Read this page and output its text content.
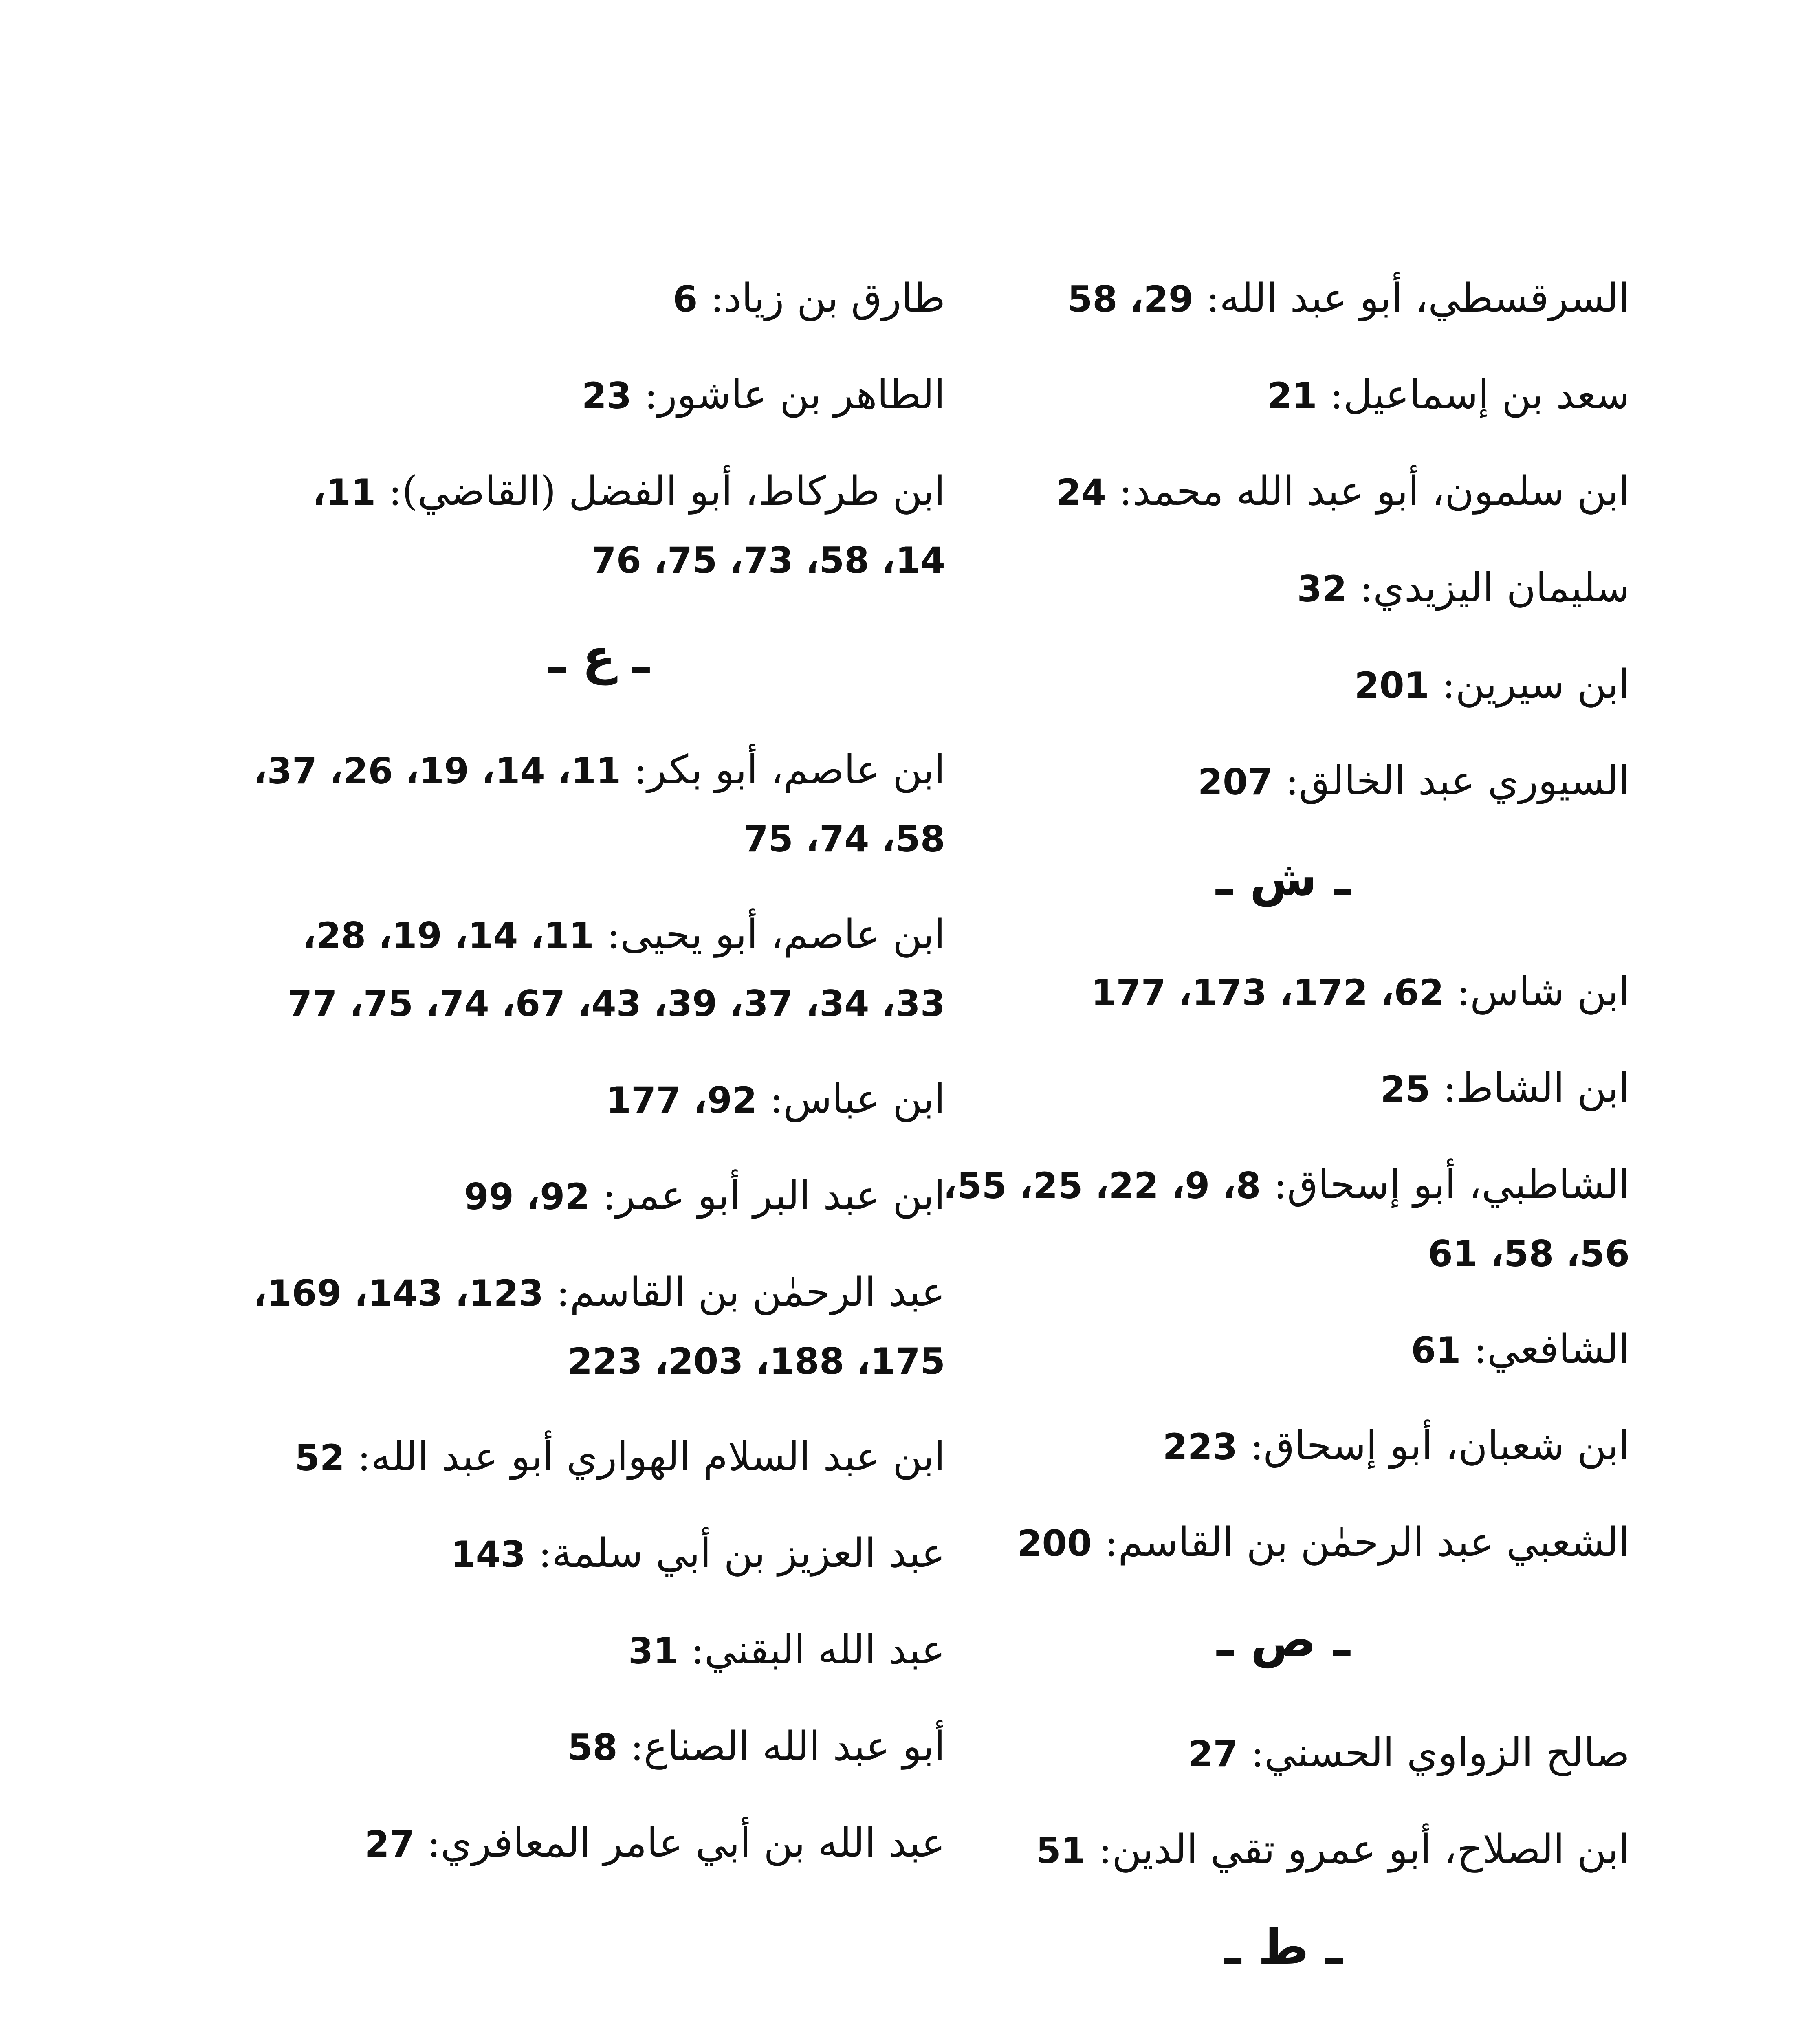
السرقسطي، أبو عبد الله: 29، 58
سعد بن إسماعيل: 21
ابن سلمون، أبو عبد الله محمد: 24
سليمان اليزيدي: 32
ابن سيرين: 201
السيوري عبد الخالق: 207
ـ ش ـ
ابن شاس: 62، 172، 173، 177
ابن الشاط: 25
الشاطبي، أبو إسحاق: 8، 9، 22، 25، 55، 56، 58، 61
الشافعي: 61
ابن شعبان، أبو إسحاق: 223
الشعبي عبد الرحمٰن بن القاسم: 200
ـ ص ـ
صالح الزواوي الحسني: 27
ابن الصلاح، أبو عمرو تقي الدين: 51
ـ ط ـ
طارق بن زياد: 6
الطاهر بن عاشور: 23
ابن طركاط، أبو الفضل (القاضي): 11، 14، 58، 73، 75، 76
ـ ع ـ
ابن عاصم، أبو بكر: 11، 14، 19، 26، 37، 58، 74، 75
ابن عاصم، أبو يحيى: 11، 14، 19، 28، 33، 34، 37، 39، 43، 67، 74، 75، 77
ابن عباس: 92، 177
ابن عبد البر أبو عمر: 92، 99
عبد الرحمٰن بن القاسم: 123، 143، 169، 175، 188، 203، 223
ابن عبد السلام الهواري أبو عبد الله: 52
عبد العزيز بن أبي سلمة: 143
عبد الله البقني: 31
أبو عبد الله الصناع: 58
عبد الله بن أبي عامر المعافري: 27
